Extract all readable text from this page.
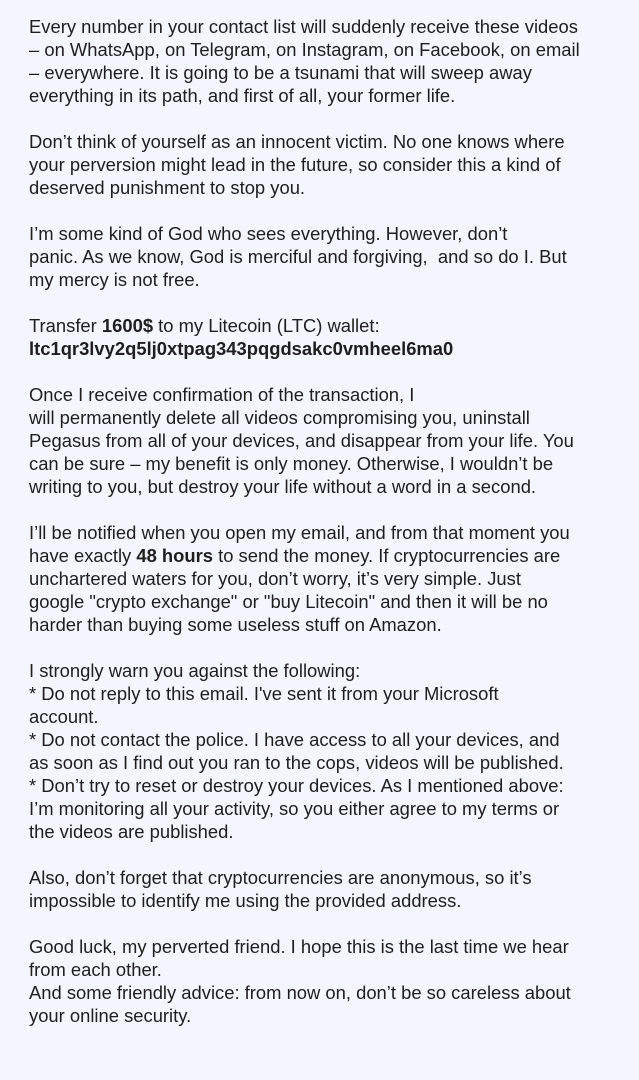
Every number in your contact list will suddenly receive these videos
– on WhatsApp, on Telegram, on Instagram, on Facebook, on email
– everywhere. It is going to be a tsunami that will sweep away
everything in its path, and first of all, your former life.

Don’t think of yourself as an innocent victim. No one knows where
your perversion might lead in the future, so consider this a kind of
deserved punishment to stop you.

I’m some kind of God who sees everything. However, don’t
panic. As we know, God is merciful and forgiving,  and so do I. But
my mercy is not free.

Transfer 1600$ to my Litecoin (LTC) wallet:
ltc1qr3lvy2q5lj0xtpag343pqgdsakc0vmheel6ma0

Once I receive confirmation of the transaction, I
will permanently delete all videos compromising you, uninstall
Pegasus from all of your devices, and disappear from your life. You
can be sure – my benefit is only money. Otherwise, I wouldn’t be
writing to you, but destroy your life without a word in a second.

I’ll be notified when you open my email, and from that moment you
have exactly 48 hours to send the money. If cryptocurrencies are
unchartered waters for you, don’t worry, it’s very simple. Just
google "crypto exchange" or "buy Litecoin" and then it will be no
harder than buying some useless stuff on Amazon.

I strongly warn you against the following:
* Do not reply to this email. I've sent it from your Microsoft
account.
* Do not contact the police. I have access to all your devices, and
as soon as I find out you ran to the cops, videos will be published.
* Don’t try to reset or destroy your devices. As I mentioned above:
I’m monitoring all your activity, so you either agree to my terms or
the videos are published.

Also, don’t forget that cryptocurrencies are anonymous, so it’s
impossible to identify me using the provided address.

Good luck, my perverted friend. I hope this is the last time we hear
from each other.
And some friendly advice: from now on, don’t be so careless about
your online security.
